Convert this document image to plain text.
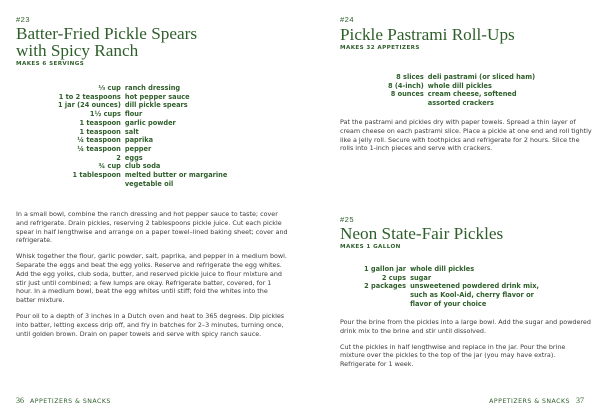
#23
Batter-Fried Pickle Spears
with Spicy Ranch
MAKES 6 SERVINGS
⅓ cup	ranch dressing
1 to 2 teaspoons	hot pepper sauce
1 jar (24 ounces)	dill pickle spears
1½ cups	flour
1 teaspoon	garlic powder
1 teaspoon	salt
¼ teaspoon	paprika
¼ teaspoon	pepper
2	eggs
¾ cup	club soda
1 tablespoon	melted butter or margarine
	vegetable oil

In a small bowl, combine the ranch dressing and hot pepper sauce to taste; cover and refrigerate. Drain pickles, reserving 2 tablespoons pickle juice. Cut each pickle spear in half lengthwise and arrange on a paper towel–lined baking sheet; cover and refrigerate.

Whisk together the flour, garlic powder, salt, paprika, and pepper in a medium bowl. Separate the eggs and beat the egg yolks. Reserve and refrigerate the egg whites. Add the egg yolks, club soda, butter, and reserved pickle juice to flour mixture and stir just until combined; a few lumps are okay. Refrigerate batter, covered, for 1 hour. In a medium bowl, beat the egg whites until stiff; fold the whites into the batter mixture.

Pour oil to a depth of 3 inches in a Dutch oven and heat to 365 degrees. Dip pickles into batter, letting excess drip off, and fry in batches for 2–3 minutes, turning once, until golden brown. Drain on paper towels and serve with spicy ranch sauce.

36 APPETIZERS & SNACKS
#24
Pickle Pastrami Roll-Ups
MAKES 32 APPETIZERS
8 slices	deli pastrami (or sliced ham)
8 (4-inch)	whole dill pickles
8 ounces	cream cheese, softened
	assorted crackers

Pat the pastrami and pickles dry with paper towels. Spread a thin layer of cream cheese on each pastrami slice. Place a pickle at one end and roll tightly like a jelly roll. Secure with toothpicks and refrigerate for 2 hours. Slice the rolls into 1-inch pieces and serve with crackers.

#25
Neon State-Fair Pickles
MAKES 1 GALLON
1 gallon jar	whole dill pickles
2 cups	sugar
2 packages	unsweetened powdered drink mix, such as Kool-Aid, cherry flavor or flavor of your choice

Pour the brine from the pickles into a large bowl. Add the sugar and powdered drink mix to the brine and stir until dissolved.

Cut the pickles in half lengthwise and replace in the jar. Pour the brine mixture over the pickles to the top of the jar (you may have extra). Refrigerate for 1 week.

APPETIZERS & SNACKS 37
